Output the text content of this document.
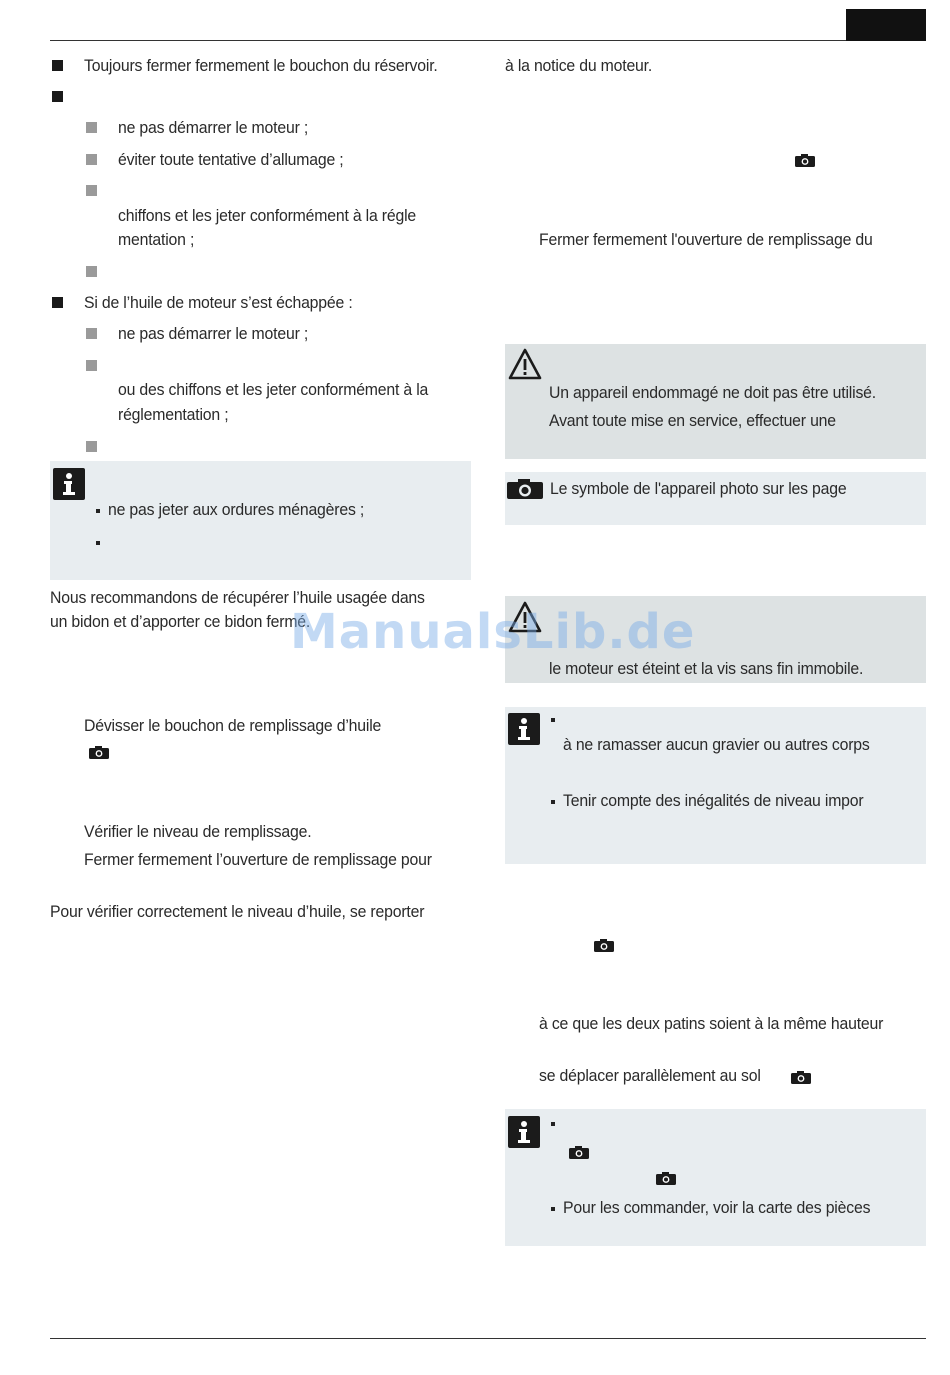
Toujours fermer fermement le bouchon du réservoir.
ne pas démarrer le moteur ;
éviter toute tentative d’allumage ;
chiffons et les jeter conformément à la régle
mentation ;
Si de l’huile de moteur s’est échappée :
ne pas démarrer le moteur ;
ou des chiffons et les jeter conformément à la
réglementation ;
ne pas jeter aux ordures ménagères ;
Nous recommandons de récupérer l’huile usagée dans
un bidon et d’apporter ce bidon fermé.
Dévisser le bouchon de remplissage d’huile
Vérifier le niveau de remplissage.
Fermer fermement l’ouverture de remplissage pour
Pour vérifier correctement le niveau d’huile, se reporter
à la notice du moteur.
Fermer fermement l'ouverture de remplissage du
Un appareil endommagé ne doit pas être utilisé.
Avant toute mise en service, effectuer une
Le symbole de l'appareil photo sur les page
le moteur est éteint et la vis sans fin immobile.
à ne ramasser aucun gravier ou autres corps
Tenir compte des inégalités de niveau impor
à ce que les deux patins soient à la même hauteur
se déplacer parallèlement au sol
Pour les commander, voir la carte des pièces
ManualsLib.de
